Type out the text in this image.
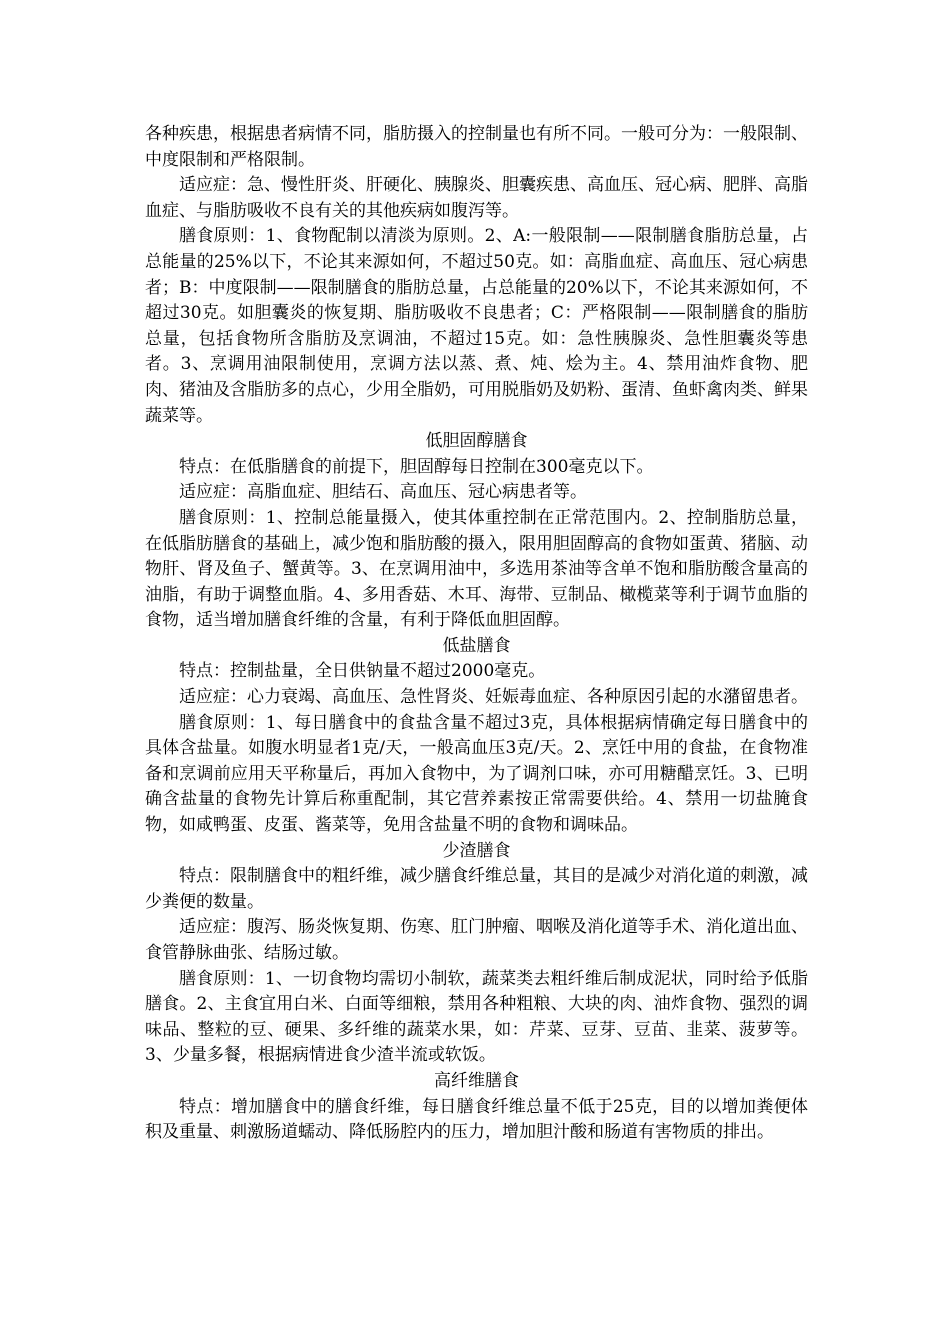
各种疾患，根据患者病情不同，脂肪摄入的控制量也有所不同。一般可分为：一般限制、中度限制和严格限制。

适应症：急、慢性肝炎、肝硬化、胰腺炎、胆囊疾患、高血压、冠心病、肥胖、高脂血症、与脂肪吸收不良有关的其他疾病如腹泻等。

膳食原则：1、食物配制以清淡为原则。2、A:一般限制——限制膳食脂肪总量，占总能量的25%以下，不论其来源如何，不超过50克。如：高脂血症、高血压、冠心病患者；B：中度限制——限制膳食的脂肪总量，占总能量的20%以下，不论其来源如何，不超过30克。如胆囊炎的恢复期、脂肪吸收不良患者；C：严格限制——限制膳食的脂肪总量，包括食物所含脂肪及烹调油，不超过15克。如：急性胰腺炎、急性胆囊炎等患者。3、烹调用油限制使用，烹调方法以蒸、煮、炖、烩为主。4、禁用油炸食物、肥肉、猪油及含脂肪多的点心，少用全脂奶，可用脱脂奶及奶粉、蛋清、鱼虾禽肉类、鲜果蔬菜等。

低胆固醇膳食

特点：在低脂膳食的前提下，胆固醇每日控制在300毫克以下。

适应症：高脂血症、胆结石、高血压、冠心病患者等。

膳食原则：1、控制总能量摄入，使其体重控制在正常范围内。2、控制脂肪总量，在低脂肪膳食的基础上，减少饱和脂肪酸的摄入，限用胆固醇高的食物如蛋黄、猪脑、动物肝、肾及鱼子、蟹黄等。3、在烹调用油中，多选用茶油等含单不饱和脂肪酸含量高的油脂，有助于调整血脂。4、多用香菇、木耳、海带、豆制品、橄榄菜等利于调节血脂的食物，适当增加膳食纤维的含量，有利于降低血胆固醇。

低盐膳食

特点：控制盐量，全日供钠量不超过2000毫克。

适应症：心力衰竭、高血压、急性肾炎、妊娠毒血症、各种原因引起的水潴留患者。

膳食原则：1、每日膳食中的食盐含量不超过3克，具体根据病情确定每日膳食中的具体含盐量。如腹水明显者1克/天，一般高血压3克/天。2、烹饪中用的食盐，在食物准备和烹调前应用天平称量后，再加入食物中，为了调剂口味，亦可用糖醋烹饪。3、已明确含盐量的食物先计算后称重配制，其它营养素按正常需要供给。4、禁用一切盐腌食物，如咸鸭蛋、皮蛋、酱菜等，免用含盐量不明的食物和调味品。

少渣膳食

特点：限制膳食中的粗纤维，减少膳食纤维总量，其目的是减少对消化道的刺激，减少粪便的数量。

适应症：腹泻、肠炎恢复期、伤寒、肛门肿瘤、咽喉及消化道等手术、消化道出血、食管静脉曲张、结肠过敏。

膳食原则：1、一切食物均需切小制软，蔬菜类去粗纤维后制成泥状，同时给予低脂膳食。2、主食宜用白米、白面等细粮，禁用各种粗粮、大块的肉、油炸食物、强烈的调味品、整粒的豆、硬果、多纤维的蔬菜水果，如：芹菜、豆芽、豆苗、韭菜、菠萝等。3、少量多餐，根据病情进食少渣半流或软饭。

高纤维膳食

特点：增加膳食中的膳食纤维，每日膳食纤维总量不低于25克，目的以增加粪便体积及重量、刺激肠道蠕动、降低肠腔内的压力，增加胆汁酸和肠道有害物质的排出。
